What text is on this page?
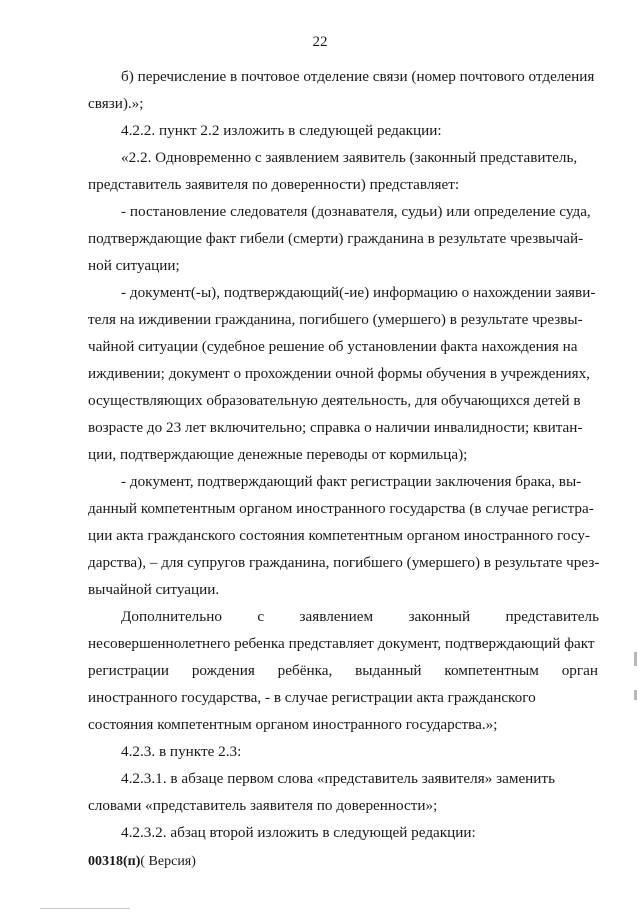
22
б) перечисление в почтовое отделение связи (номер почтового отделения
связи).»;
4.2.2. пункт 2.2 изложить в следующей редакции:
«2.2. Одновременно с заявлением заявитель (законный представитель,
представитель заявителя по доверенности) представляет:
- постановление следователя (дознавателя, судьи) или определение суда,
подтверждающие факт гибели (смерти) гражданина в результате чрезвычай-
ной ситуации;
- документ(-ы), подтверждающий(-ие) информацию о нахождении заяви-
теля на иждивении гражданина, погибшего (умершего) в результате чрезвы-
чайной ситуации (судебное решение об установлении факта нахождения на
иждивении; документ о прохождении очной формы обучения в учреждениях,
осуществляющих образовательную деятельность, для обучающихся детей в
возрасте до 23 лет включительно; справка о наличии инвалидности; квитан-
ции, подтверждающие денежные переводы от кормильца);
- документ, подтверждающий факт регистрации заключения брака, вы-
данный компетентным органом иностранного государства (в случае регистра-
ции акта гражданского состояния компетентным органом иностранного госу-
дарства), – для супругов гражданина, погибшего (умершего) в результате чрез-
вычайной ситуации.
Дополнительно с заявлением законный представитель
несовершеннолетнего ребенка представляет документ, подтверждающий факт
регистрации рождения ребёнка, выданный компетентным орган
иностранного государства, - в случае регистрации акта гражданского
состояния компетентным органом иностранного государства.»;
4.2.3. в пункте 2.3:
4.2.3.1. в абзаце первом слова «представитель заявителя» заменить
словами «представитель заявителя по доверенности»;
4.2.3.2. абзац второй изложить в следующей редакции:
00318(п)( Версия)
